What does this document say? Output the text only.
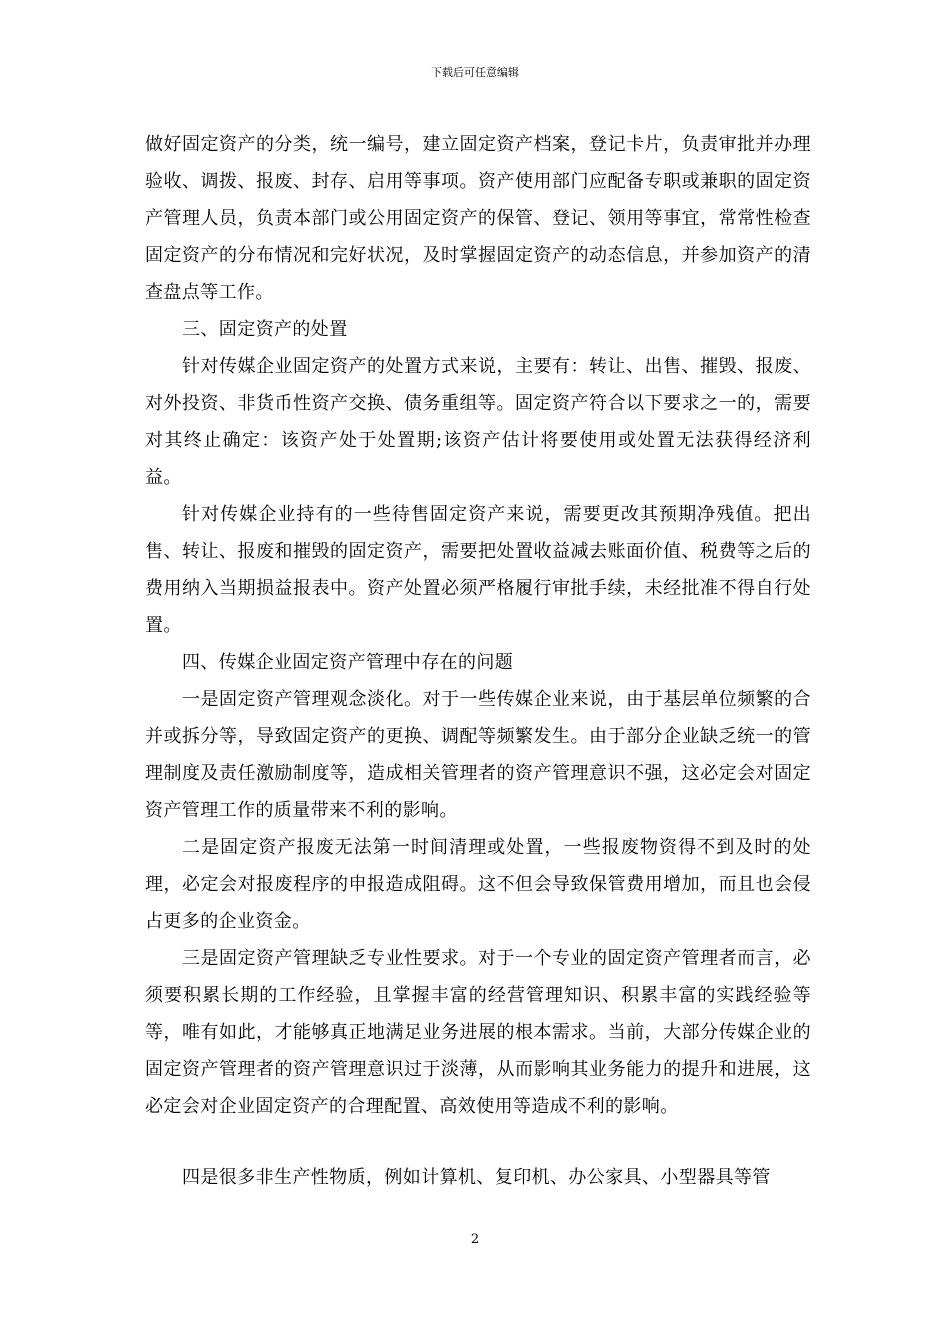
下载后可任意编辑

做好固定资产的分类，统一编号，建立固定资产档案，登记卡片，负责审批并办理验收、调拨、报废、封存、启用等事项。资产使用部门应配备专职或兼职的固定资产管理人员，负责本部门或公用固定资产的保管、登记、领用等事宜，常常性检查固定资产的分布情况和完好状况，及时掌握固定资产的动态信息，并参加资产的清查盘点等工作。

三、固定资产的处置

针对传媒企业固定资产的处置方式来说，主要有：转让、出售、摧毁、报废、对外投资、非货币性资产交换、债务重组等。固定资产符合以下要求之一的，需要对其终止确定：该资产处于处置期;该资产估计将要使用或处置无法获得经济利益。

针对传媒企业持有的一些待售固定资产来说，需要更改其预期净残值。把出售、转让、报废和摧毁的固定资产，需要把处置收益减去账面价值、税费等之后的费用纳入当期损益报表中。资产处置必须严格履行审批手续，未经批准不得自行处置。

四、传媒企业固定资产管理中存在的问题

一是固定资产管理观念淡化。对于一些传媒企业来说，由于基层单位频繁的合并或拆分等，导致固定资产的更换、调配等频繁发生。由于部分企业缺乏统一的管理制度及责任激励制度等，造成相关管理者的资产管理意识不强，这必定会对固定资产管理工作的质量带来不利的影响。

二是固定资产报废无法第一时间清理或处置，一些报废物资得不到及时的处理，必定会对报废程序的申报造成阻碍。这不但会导致保管费用增加，而且也会侵占更多的企业资金。

三是固定资产管理缺乏专业性要求。对于一个专业的固定资产管理者而言，必须要积累长期的工作经验，且掌握丰富的经营管理知识、积累丰富的实践经验等等，唯有如此，才能够真正地满足业务进展的根本需求。当前，大部分传媒企业的固定资产管理者的资产管理意识过于淡薄，从而影响其业务能力的提升和进展，这必定会对企业固定资产的合理配置、高效使用等造成不利的影响。

四是很多非生产性物质，例如计算机、复印机、办公家具、小型器具等管

2
